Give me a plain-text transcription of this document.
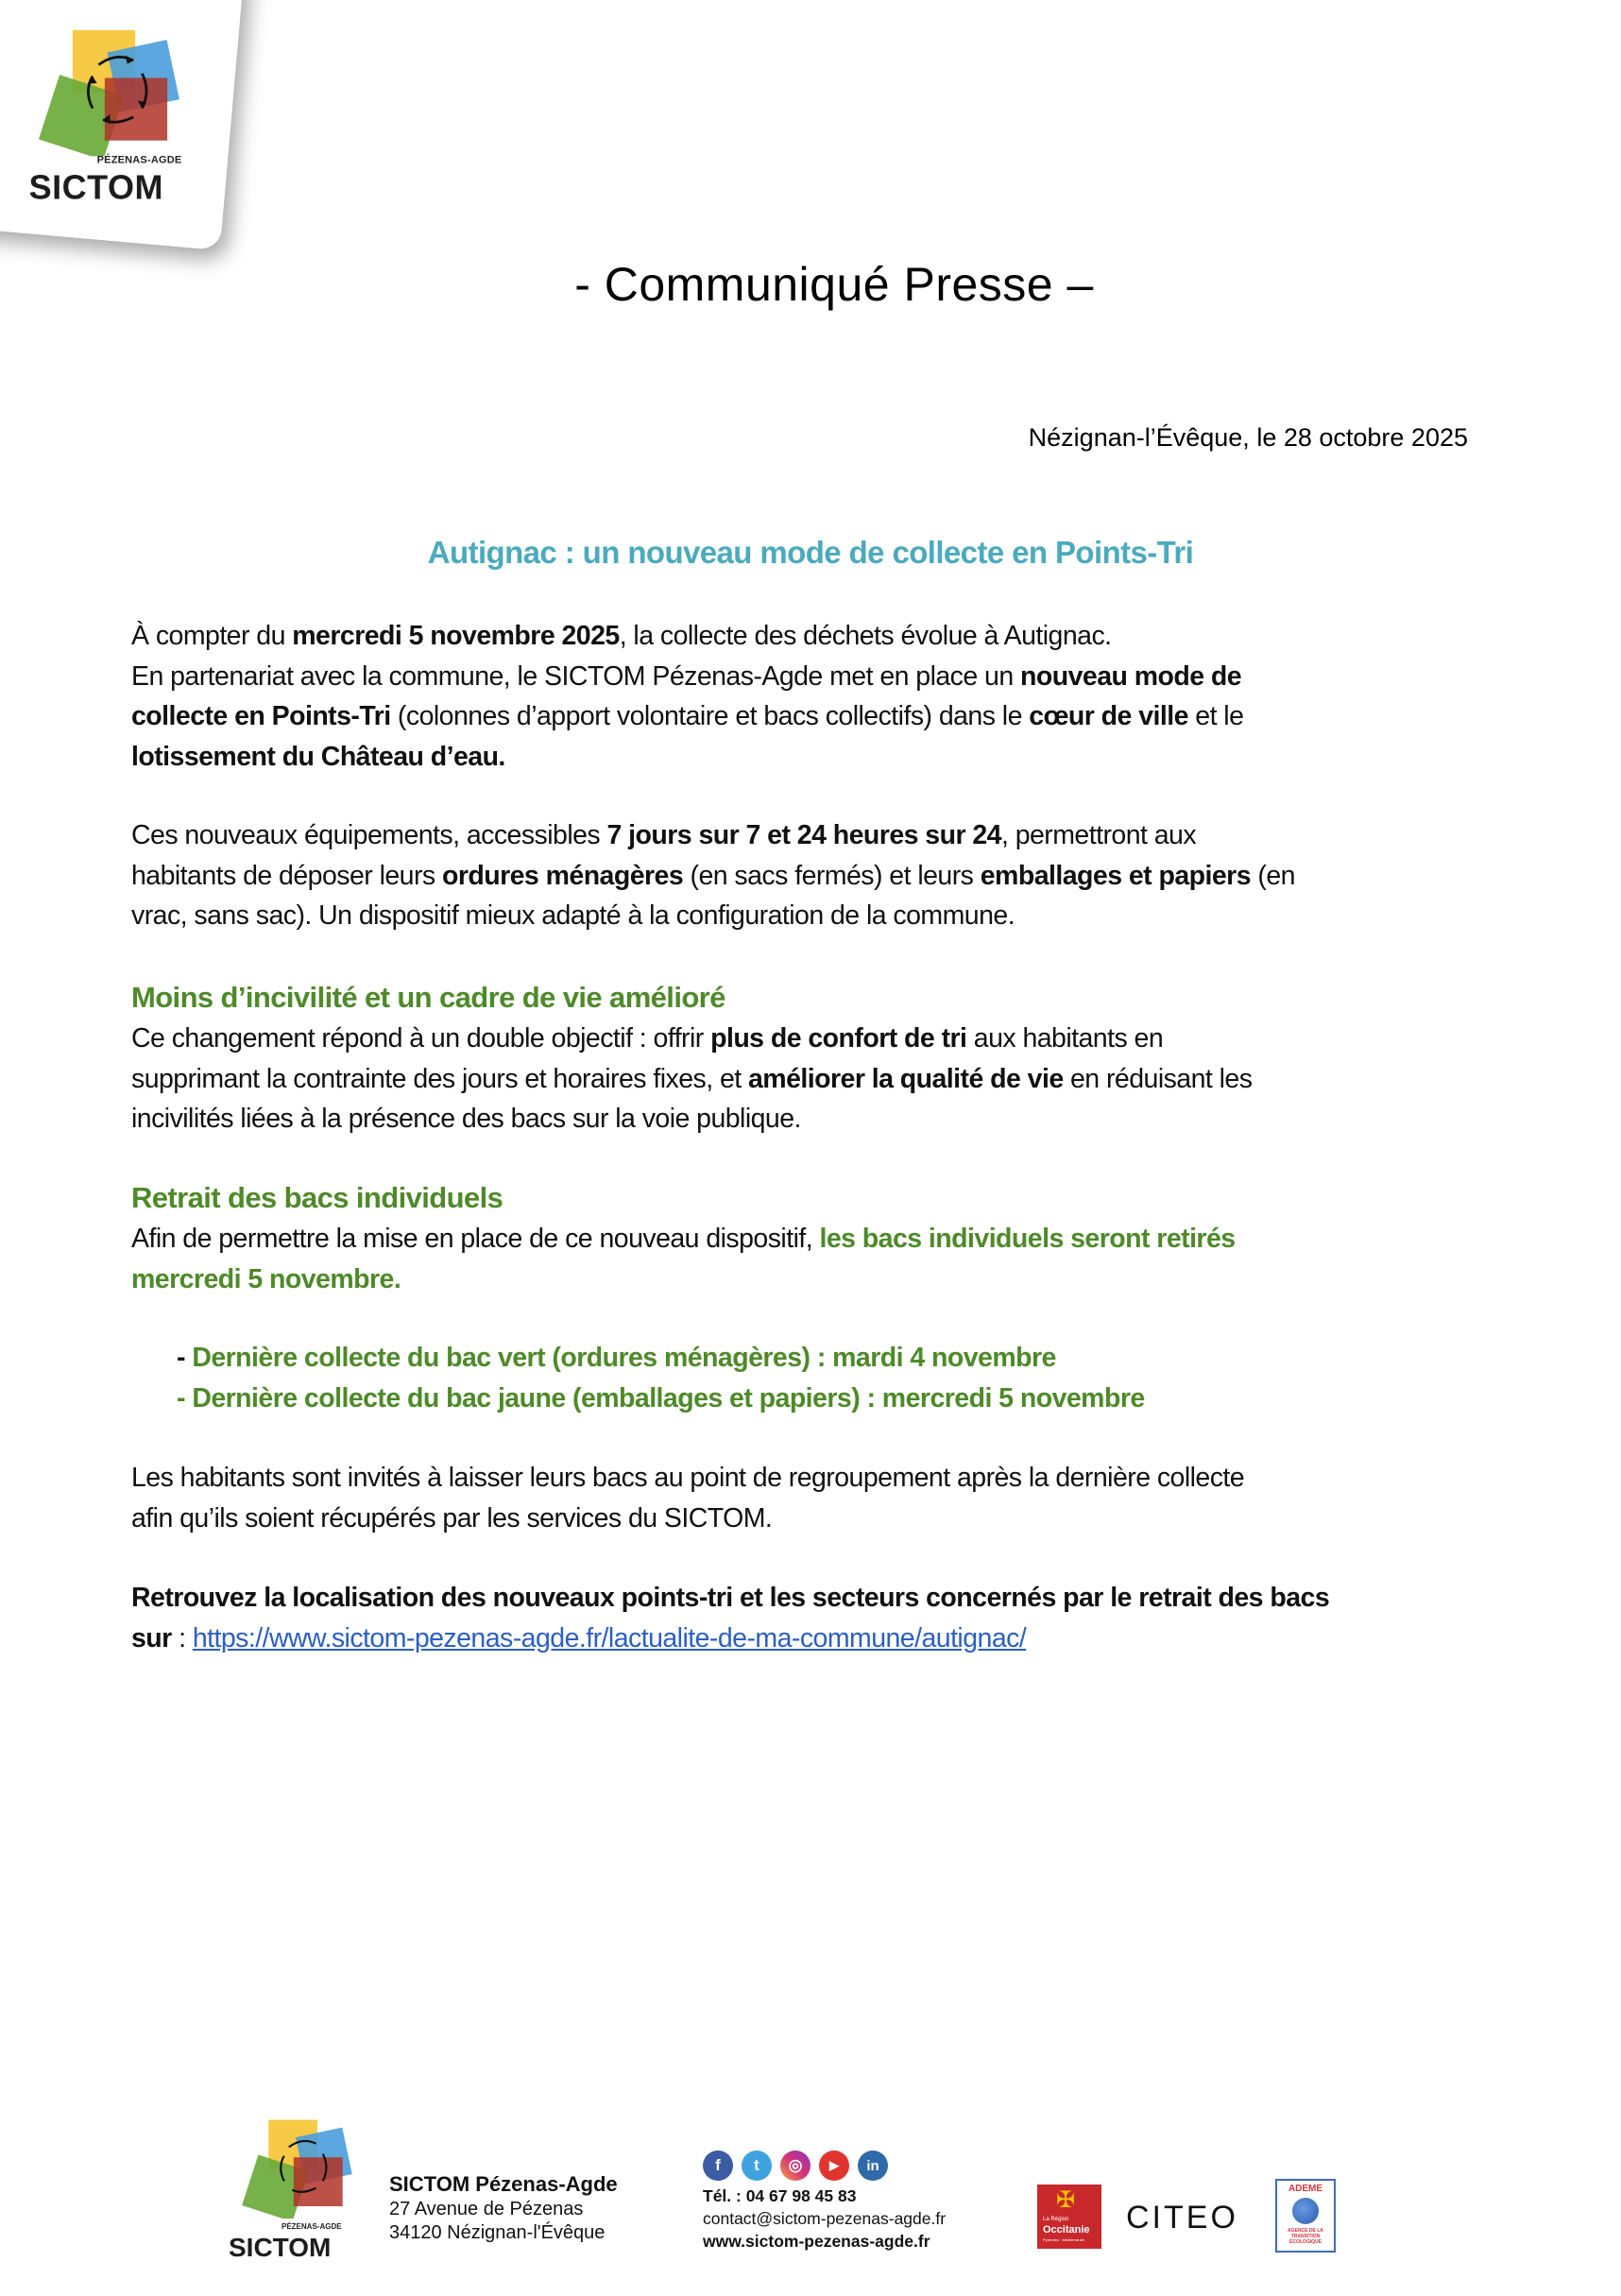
PÉZENAS-AGDE
SICTOM
- Communiqué Presse –
Nézignan-l’Évêque, le 28 octobre 2025
Autignac : un nouveau mode de collecte en Points-Tri
À compter du mercredi 5 novembre 2025, la collecte des déchets évolue à Autignac.
En partenariat avec la commune, le SICTOM Pézenas-Agde met en place un nouveau mode de
collecte en Points-Tri (colonnes d’apport volontaire et bacs collectifs) dans le cœur de ville et le
lotissement du Château d’eau.
Ces nouveaux équipements, accessibles 7 jours sur 7 et 24 heures sur 24, permettront aux
habitants de déposer leurs ordures ménagères (en sacs fermés) et leurs emballages et papiers (en
vrac, sans sac). Un dispositif mieux adapté à la configuration de la commune.
Moins d’incivilité et un cadre de vie amélioré
Ce changement répond à un double objectif : offrir plus de confort de tri aux habitants en
supprimant la contrainte des jours et horaires fixes, et améliorer la qualité de vie en réduisant les
incivilités liées à la présence des bacs sur la voie publique.
Retrait des bacs individuels
Afin de permettre la mise en place de ce nouveau dispositif, les bacs individuels seront retirés
mercredi 5 novembre.
- Dernière collecte du bac vert (ordures ménagères) : mardi 4 novembre
- Dernière collecte du bac jaune (emballages et papiers) : mercredi 5 novembre
Les habitants sont invités à laisser leurs bacs au point de regroupement après la dernière collecte
afin qu’ils soient récupérés par les services du SICTOM.
Retrouvez la localisation des nouveaux points-tri et les secteurs concernés par le retrait des bacs
sur : https://www.sictom-pezenas-agde.fr/lactualite-de-ma-commune/autignac/
PÉZENAS-AGDE
SICTOM
SICTOM Pézenas-Agde
27 Avenue de Pézenas
34120 Nézignan-l'Évêque
f	t	◎	▶	in
Tél. : 04 67 98 45 83
contact@sictom-pezenas-agde.fr
www.sictom-pezenas-agde.fr
✠
La Région
Occitanie
Pyrénées · Méditerranée
CITEO
ADEME
AGENCE DE LA
TRANSITION
ÉCOLOGIQUE
